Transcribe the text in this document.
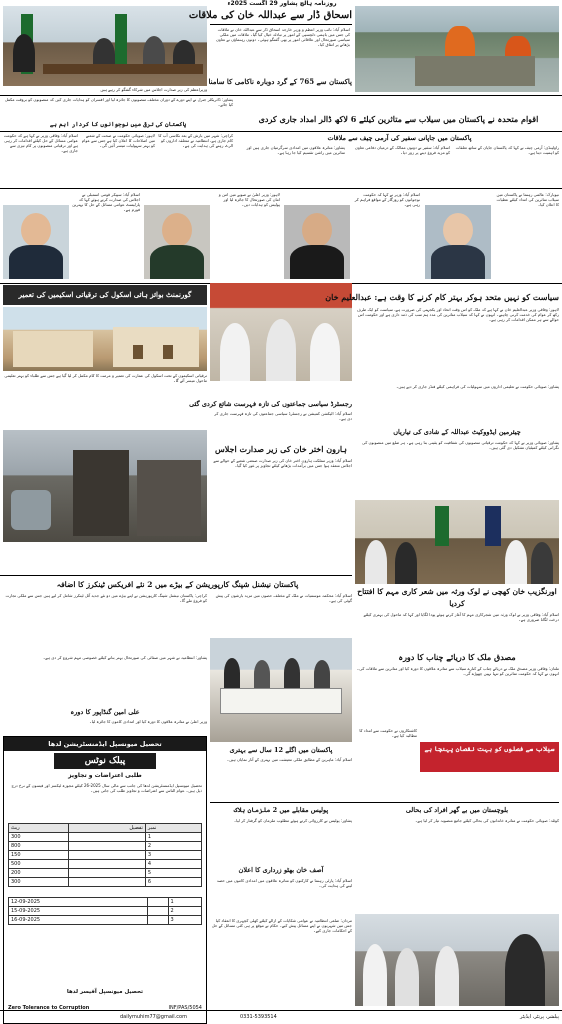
وزیراعظم کی زیر صدارت اجلاس میں شرکاء گفتگو کر رہے ہیں
روزنامہ ہالچ پشاور 29 اگست 2025ء
اسحاق ڈار سے عبداللہ خان کی ملاقات
اسلام آباد: نائب وزیر اعظم و وزیر خارجہ اسحاق ڈار سے عبداللہ خان نے ملاقات کی جس میں باہمی دلچسپی کے امور پر تبادلہ خیال کیا گیا۔ ملاقات میں ملکی سیاسی صورتحال اور علاقائی امور پر بھی گفتگو ہوئی۔ دونوں رہنماؤں نے تعاون بڑھانے پر اتفاق کیا۔
پاکستان سے 765 کے گرد دوبارہ ناکامی کا سامنا
اقوام متحدہ نے پاکستان میں سیلاب سے متاثرین کیلئے 6 لاکھ ڈالر امداد جاری کردی
پشاور: ڈائریکٹر جنرل نے اپنے دورے کے دوران مختلف منصوبوں کا جائزہ لیا اور افسران کو ہدایات جاری کیں کہ منصوبوں کو بروقت مکمل کیا جائے۔
پاکستان کی ترقی میں نوجوانوں کا کردار اہم ہے
پاکستان میں جاپانی سفیر کی آرمی چیف سے ملاقات
اسلام آباد: وفاقی وزیر نے کہا ہے کہ حکومت عوامی مسائل کے حل کیلئے اقدامات کر رہی ہے اور ترقیاتی منصوبوں پر کام تیزی سے جاری ہے۔
لاہور: صوبائی حکومت نے صحت کے شعبے میں اصلاحات کا اعلان کیا ہے جس سے عوام کو بہتر سہولیات میسر آئیں گی۔
کراچی: شہر میں بارش کے بعد نکاسی آب کا کام جاری ہے، انتظامیہ نے متعلقہ اداروں کو الرٹ رہنے کی ہدایت کی ہے۔	پشاور: متاثرہ علاقوں میں امدادی سرگرمیاں جاری ہیں اور متاثرین میں راشن تقسیم کیا جا رہا ہے۔
اسلام آباد: سفیر نے دونوں ممالک کے درمیان دفاعی تعاون کو مزید فروغ دینے پر زور دیا۔
راولپنڈی: آرمی چیف نے کہا کہ پاکستان جاپان کے ساتھ تعلقات کو اہمیت دیتا ہے۔
اسلام آباد: سپیکر قومی اسمبلی نے اجلاس کی صدارت کرتے ہوئے کہا کہ پارلیمنٹ عوامی مسائل کے حل کا بہترین فورم ہے۔
لاہور: وزیر اعلیٰ نے صوبے میں امن و امان کی صورتحال کا جائزہ لیا اور پولیس کو ہدایات دیں۔
اسلام آباد: وزیر نے کہا کہ حکومت نوجوانوں کو روزگار کے مواقع فراہم کر رہی ہے۔
نیویارک: عالمی رہنما نے پاکستان میں سیلاب متاثرین کی امداد کیلئے عطیات کا اعلان کیا۔
گورنمنٹ بوائز ہائی اسکول کی ترقیاتی اسکیمیں کی تعمیر	سیاست کو نہیں متحد ہوکر بہتر کام کرنے کا وقت ہے: عبدالعلیم خان
لاہور: وفاقی وزیر عبدالعلیم خان نے کہا ہے کہ ملک کو اس وقت اتحاد اور یکجہتی کی ضرورت ہے، سیاست کو ایک طرف رکھ کر عوام کی خدمت کرنی چاہیے۔ انہوں نے کہا کہ سیلاب متاثرین کی مدد ہم سب کی ذمہ داری ہے اور حکومت اس حوالے سے ہر ممکن اقدامات کر رہی ہے۔
ترقیاتی اسکیموں کے تحت اسکول کی عمارت کی تعمیر و مرمت کا کام مکمل کر لیا گیا ہے جس سے طلباء کو بہتر تعلیمی ماحول میسر آئے گا۔
رجسٹرڈ سیاسی جماعتوں کی تازہ فہرست شائع کردی گئی
اسلام آباد: الیکشن کمیشن نے رجسٹرڈ سیاسی جماعتوں کی تازہ فہرست جاری کر دی ہے۔
پشاور: صوبائی حکومت نے تعلیمی اداروں میں سہولیات کی فراہمی کیلئے فنڈز جاری کر دیے ہیں۔
چیئرمین ایڈووکیٹ عبداللہ کے شادی کی تیاریاں
ہارون اختر خان کی زیر صدارت اجلاس
اسلام آباد: وزیر مملکت ہارون اختر خان کی زیر صدارت صنعتی شعبے کے حوالے سے اجلاس منعقد ہوا جس میں برآمدات بڑھانے کیلئے تجاویز پر غور کیا گیا۔
پشاور: صوبائی وزیر نے کہا کہ حکومت ترقیاتی منصوبوں کی شفافیت کو یقینی بنا رہی ہے۔ ہر ضلع میں منصوبوں کی نگرانی کیلئے کمیٹیاں تشکیل دی گئی ہیں۔
پاکستان نیشنل شپنگ کارپوریشن کے بیڑے میں 2 نئے افریکس ٹینکرز کا اضافہ
کراچی: پاکستان نیشنل شپنگ کارپوریشن نے اپنے بیڑے میں دو نئے جدید آئل ٹینکرز شامل کر لیے ہیں جس سے ملکی تجارت کو فروغ ملے گا۔
اسلام آباد: محکمہ موسمیات نے ملک کے مختلف حصوں میں مزید بارشوں کی پیش گوئی کی ہے۔
اورنگزیب خان کھچی نے لوک ورثہ میں شعر کاری مہم کا افتتاح کردیا
اسلام آباد: وفاقی وزیر نے لوک ورثہ میں شجرکاری مہم کا آغاز کرتے ہوئے پودا لگایا اور کہا کہ ماحول کی بہتری کیلئے درخت لگانا ضروری ہے۔
پشاور: انتظامیہ نے شہر میں صفائی کی صورتحال بہتر بنانے کیلئے خصوصی مہم شروع کر دی ہے۔
علی امین گنڈاپور کا دورہ
وزیر اعلیٰ نے متاثرہ علاقوں کا دورہ کیا اور امدادی کاموں کا جائزہ لیا۔
مصدق ملک کا دریائے چناب کا دورہ
ملتان: وفاقی وزیر مصدق ملک نے دریائے چناب کے کنارے سیلاب سے متاثرہ علاقوں کا دورہ کیا اور متاثرین سے ملاقات کی۔ انہوں نے کہا کہ حکومت متاثرین کو تنہا نہیں چھوڑے گی۔
سیلاب سے فصلوں کو بہت نقصان پہنچا ہے
کاشتکاروں نے حکومت سے امداد کا مطالبہ کیا ہے۔
پاکستان میں اگلے 12 سال سے بہتری
اسلام آباد: ماہرین کے مطابق ملکی معیشت میں بہتری کے آثار نمایاں ہیں۔
تحصیل میونسپل ایڈمنسٹریشن لدھا
پبلک نوٹس
طلبی اعتراضات و تجاویز
تحصیل میونسپل ایڈمنسٹریشن لدھا کی جانب سے مالی سال 2025-26 کیلئے مجوزہ ٹیکسز اور فیسوں کے نرخ درج ذیل ہیں۔ عوام الناس سے اعتراضات و تجاویز طلب کی جاتی ہیں۔
ریٹ	تفصیل	نمبر
300		1
800		2
150		3
500		4
200		5
300		6
12-09-2025		1
15-09-2025		2
16-09-2025		3
تحصیل میونسپل آفیسر لدھا
Zero Tolerance to Corruption	INF/PAS/5054
پولیس مقابلے میں 2 ملزمان ہلاک	بلوچستان میں بے گھر افراد کی بحالی
پشاور: پولیس نے کارروائی کرتے ہوئے مطلوب ملزمان کو گرفتار کر لیا۔	کوئٹہ: صوبائی حکومت نے متاثرہ خاندانوں کی بحالی کیلئے جامع منصوبہ تیار کر لیا ہے۔
آصف خان بھٹو زرداری کا اعلان
اسلام آباد: پارٹی رہنما نے کارکنوں کو متاثرہ علاقوں میں امدادی کاموں میں حصہ لینے کی ہدایت کی۔
مردان: ضلعی انتظامیہ نے عوامی شکایات کے ازالے کیلئے کھلی کچہری کا انعقاد کیا جس میں شہریوں نے اپنے مسائل پیش کیے۔ حکام نے موقع پر ہی کئی مسائل کے حل کے احکامات جاری کیے۔
dailymuhim77@gmail.com	0331-5393514	پبلشر، پرنٹر، ایڈیٹر
